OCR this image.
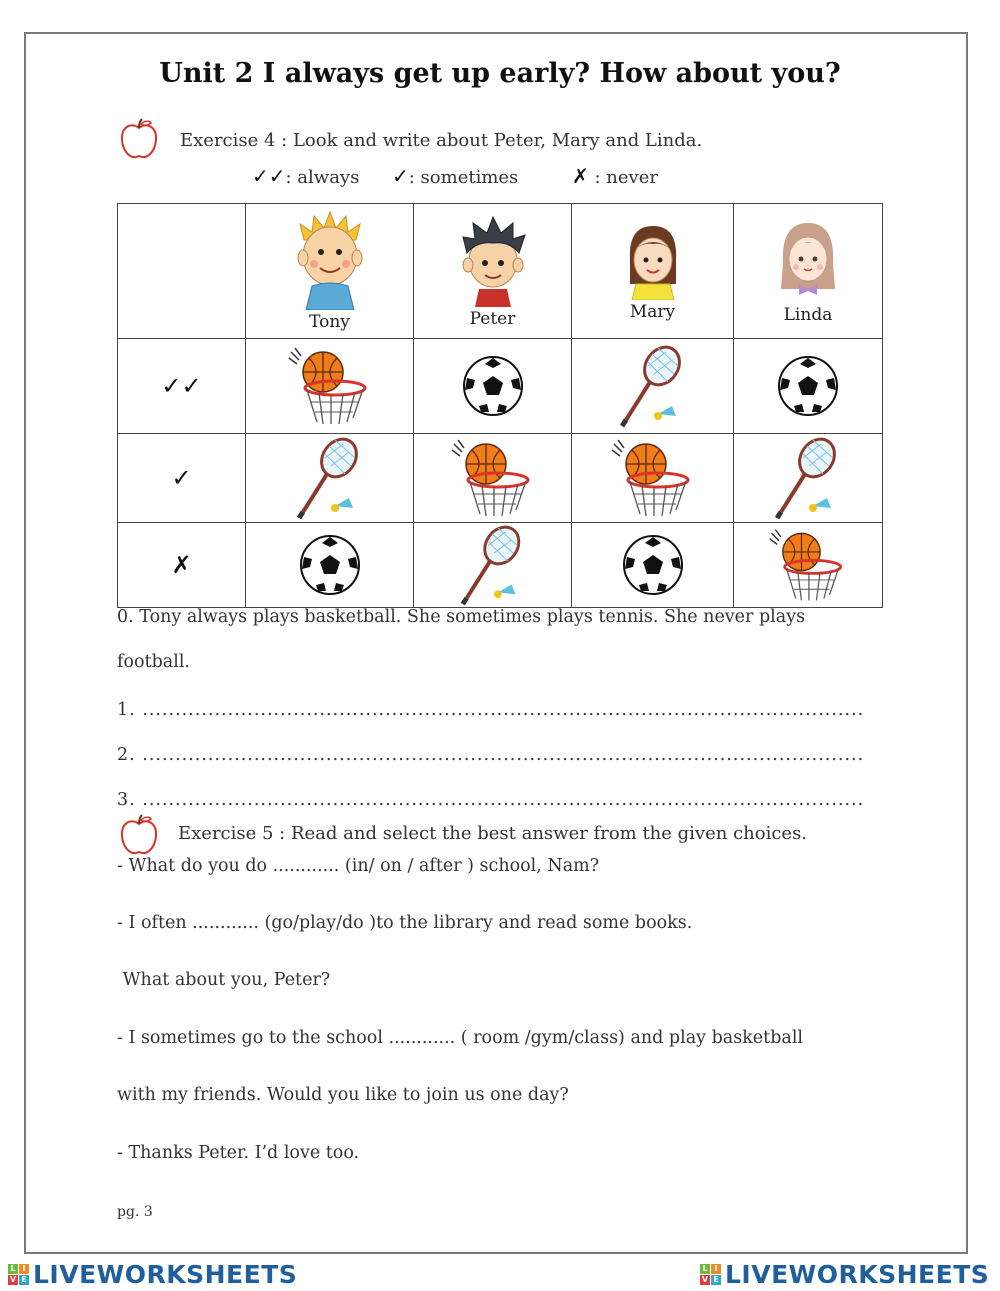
Unit 2 I always get up early? How about you?
Exercise 4 : Look and write about Peter, Mary and Linda.
✓✓: always ✓: sometimes	✗ : never

	Tony	Peter	Mary	Linda

✓✓	

✓	

✗	

0. Tony always plays basketball. She sometimes plays tennis. She never plays
football.
1. ..............................................................................................................
2. ..............................................................................................................
3. ..............................................................................................................
Exercise 5 : Read and select the best answer from the given choices.
- What do you do ............ (in/ on / after ) school, Nam?
- I often ............ (go/play/do )to the library and read some books.
What about you, Peter?
- I sometimes go to the school ............ ( room /gym/class) and play basketball
with my friends. Would you like to join us one day?
- Thanks Peter. I’d love too.
pg. 3
L I
V E LIVEWORKSHEETS	L I
V E LIVEWORKSHEETS
